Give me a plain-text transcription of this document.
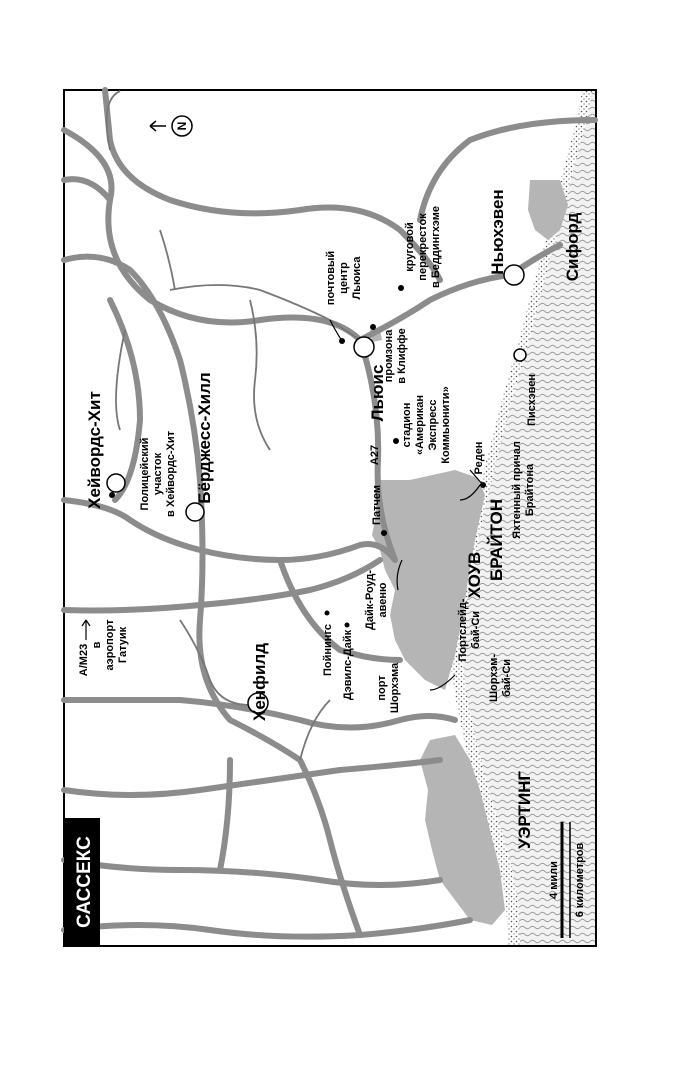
САССЕКС
N
Хейвордс-Хит	Бёрджесс-Хилл
Хенфилд
Льюис
Ньюхэвен	Сифорд
БРАЙТОН
ХОУВ
УЭРТИНГ
Полицейский участок в Хейвордс-Хит
почтовый центр Льюиса
круговой перекресток в Беддингхэме
промзона в Клиффе
стадион «Американ Экспресс Коммьюнити»
A27
Патчем
Реден
Писхэвен
Яхтенный причал Брайтона
Дайк-Роуд- авеню
Пойнингс Дэвилс-Дайк	Портслейд- бай-Си
порт Шорхэма	Шорхэм- бай-Си
A/M23 в аэропорт Гатуик
4 мили 6 километров
